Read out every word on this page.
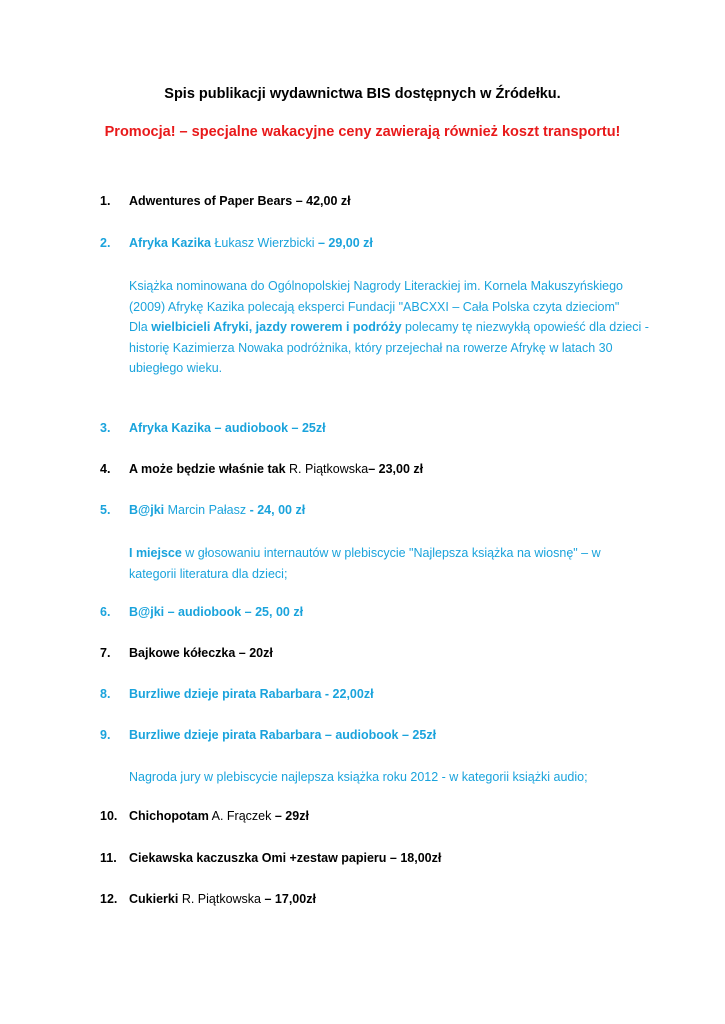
Spis publikacji wydawnictwa BIS dostępnych w Źródełku.
Promocja! – specjalne wakacyjne ceny zawierają również koszt transportu!
1. Adwentures of Paper Bears – 42,00 zł
2. Afryka Kazika Łukasz Wierzbicki – 29,00 zł

Książka nominowana do Ogólnopolskiej Nagrody Literackiej im. Kornela Makuszyńskiego (2009) Afrykę Kazika polecają eksperci Fundacji "ABCXXI – Cała Polska czyta dzieciom"

Dla wielbicieli Afryki, jazdy rowerem i podróży polecamy tę niezwykłą opowieść dla dzieci - historię Kazimierza Nowaka podróżnika, który przejechał na rowerze Afrykę w latach 30 ubiegłego wieku.

3. Afryka Kazika – audiobook – 25zł
4. A może będzie właśnie tak R. Piątkowska– 23,00 zł
5. B@jki Marcin Pałasz - 24, 00 zł

I miejsce w głosowaniu internautów w plebiscycie "Najlepsza książka na wiosnę" – w kategorii literatura dla dzieci;

6. B@jki – audiobook – 25, 00 zł
7. Bajkowe kółeczka – 20zł
8. Burzliwe dzieje pirata Rabarbara - 22,00zł
9. Burzliwe dzieje pirata Rabarbara – audiobook – 25zł

Nagroda jury w plebiscycie najlepsza książka roku 2012 - w kategorii książki audio;

10. Chichopotam A. Frączek – 29zł
11. Ciekawska kaczuszka Omi +zestaw papieru – 18,00zł
12. Cukierki R. Piątkowska – 17,00zł
